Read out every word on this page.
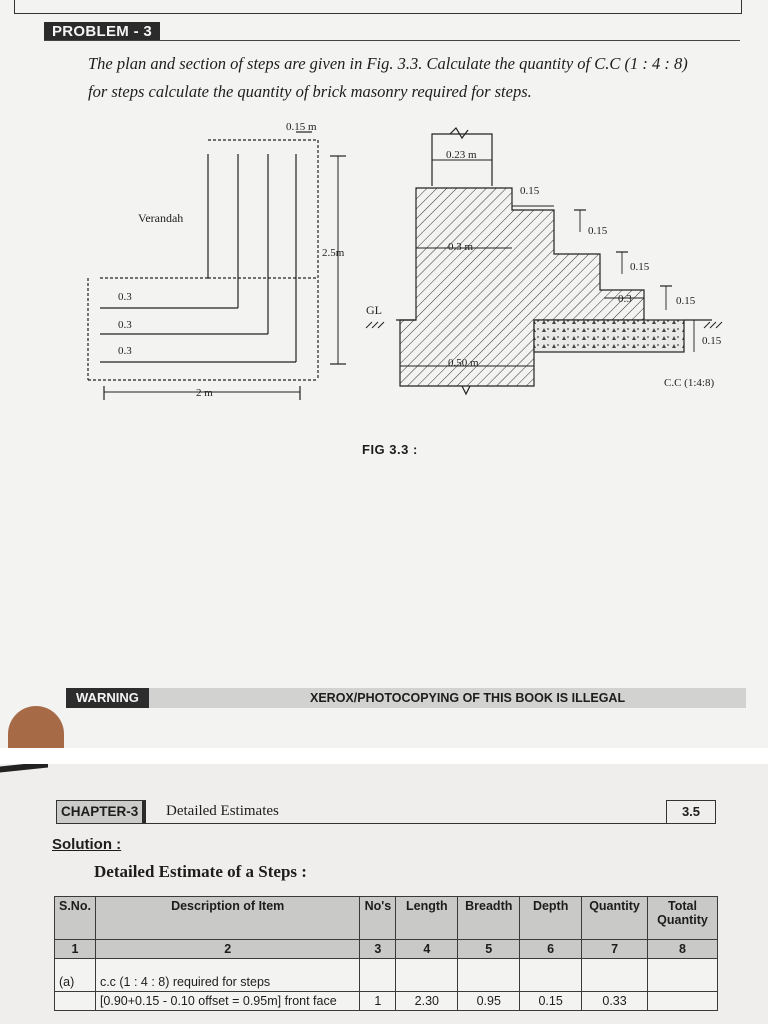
PROBLEM - 3
The plan and section of steps are given in Fig. 3.3. Calculate the quantity of C.C (1 : 4 : 8)
for steps calculate the quantity of brick masonry required for steps.
0.15 m
Verandah
2.5m
0.3
0.3
0.3
2 m
0.23 m
0.15
0.15
0.3 m
0.15
0.3	0.15
GL
0.15
0.50 m
C.C (1:4:8)
FIG 3.3 :
WARNING	XEROX/PHOTOCOPYING OF THIS BOOK IS ILLEGAL
CHAPTER-3	Detailed Estimates	3.5
Solution :
Detailed Estimate of a Steps :
S.No.	Description of Item	No's	Length	Breadth	Depth	Quantity	Total Quantity
1	2	3	4	5	6	7	8
(a)	c.c (1 : 4 : 8) required for steps						
	[0.90+0.15 - 0.10 offset = 0.95m] front face	1	2.30	0.95	0.15	0.33	
